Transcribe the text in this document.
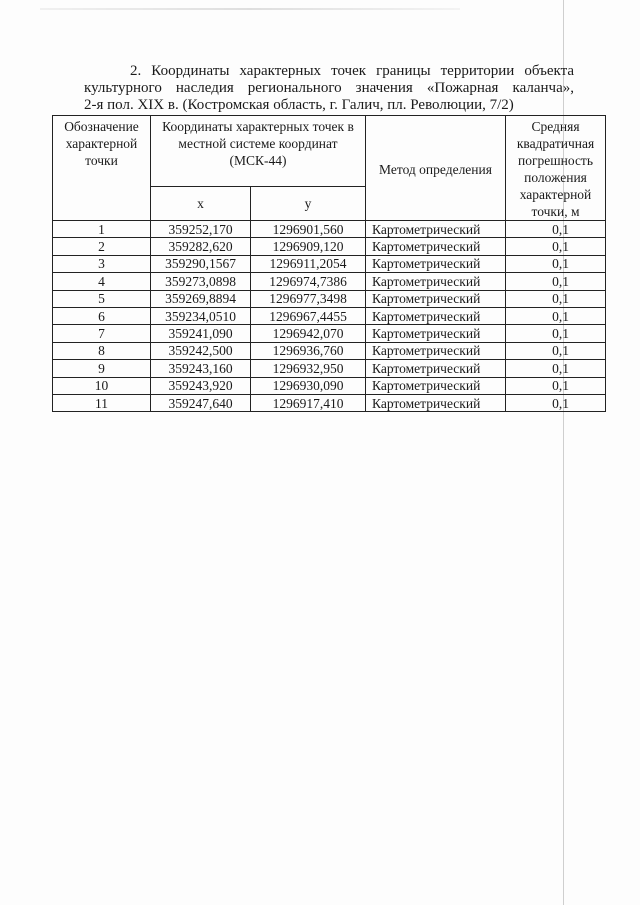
2. Координаты характерных точек границы территории объекта
культурного наследия регионального значения «Пожарная каланча»,
2-я пол. XIX в. (Костромская область, г. Галич, пл. Революции, 7/2)
Обозначение характерной точки	Координаты характерных точек в местной системе координат (МСК-44)		Метод определения	Средняя квадратичная погрешность положения характерной точки, м
	x	y		
1	359252,170	1296901,560	Картометрический	0,1
2	359282,620	1296909,120	Картометрический	0,1
3	359290,1567	1296911,2054	Картометрический	0,1
4	359273,0898	1296974,7386	Картометрический	0,1
5	359269,8894	1296977,3498	Картометрический	0,1
6	359234,0510	1296967,4455	Картометрический	0,1
7	359241,090	1296942,070	Картометрический	0,1
8	359242,500	1296936,760	Картометрический	0,1
9	359243,160	1296932,950	Картометрический	0,1
10	359243,920	1296930,090	Картометрический	0,1
11	359247,640	1296917,410	Картометрический	0,1
